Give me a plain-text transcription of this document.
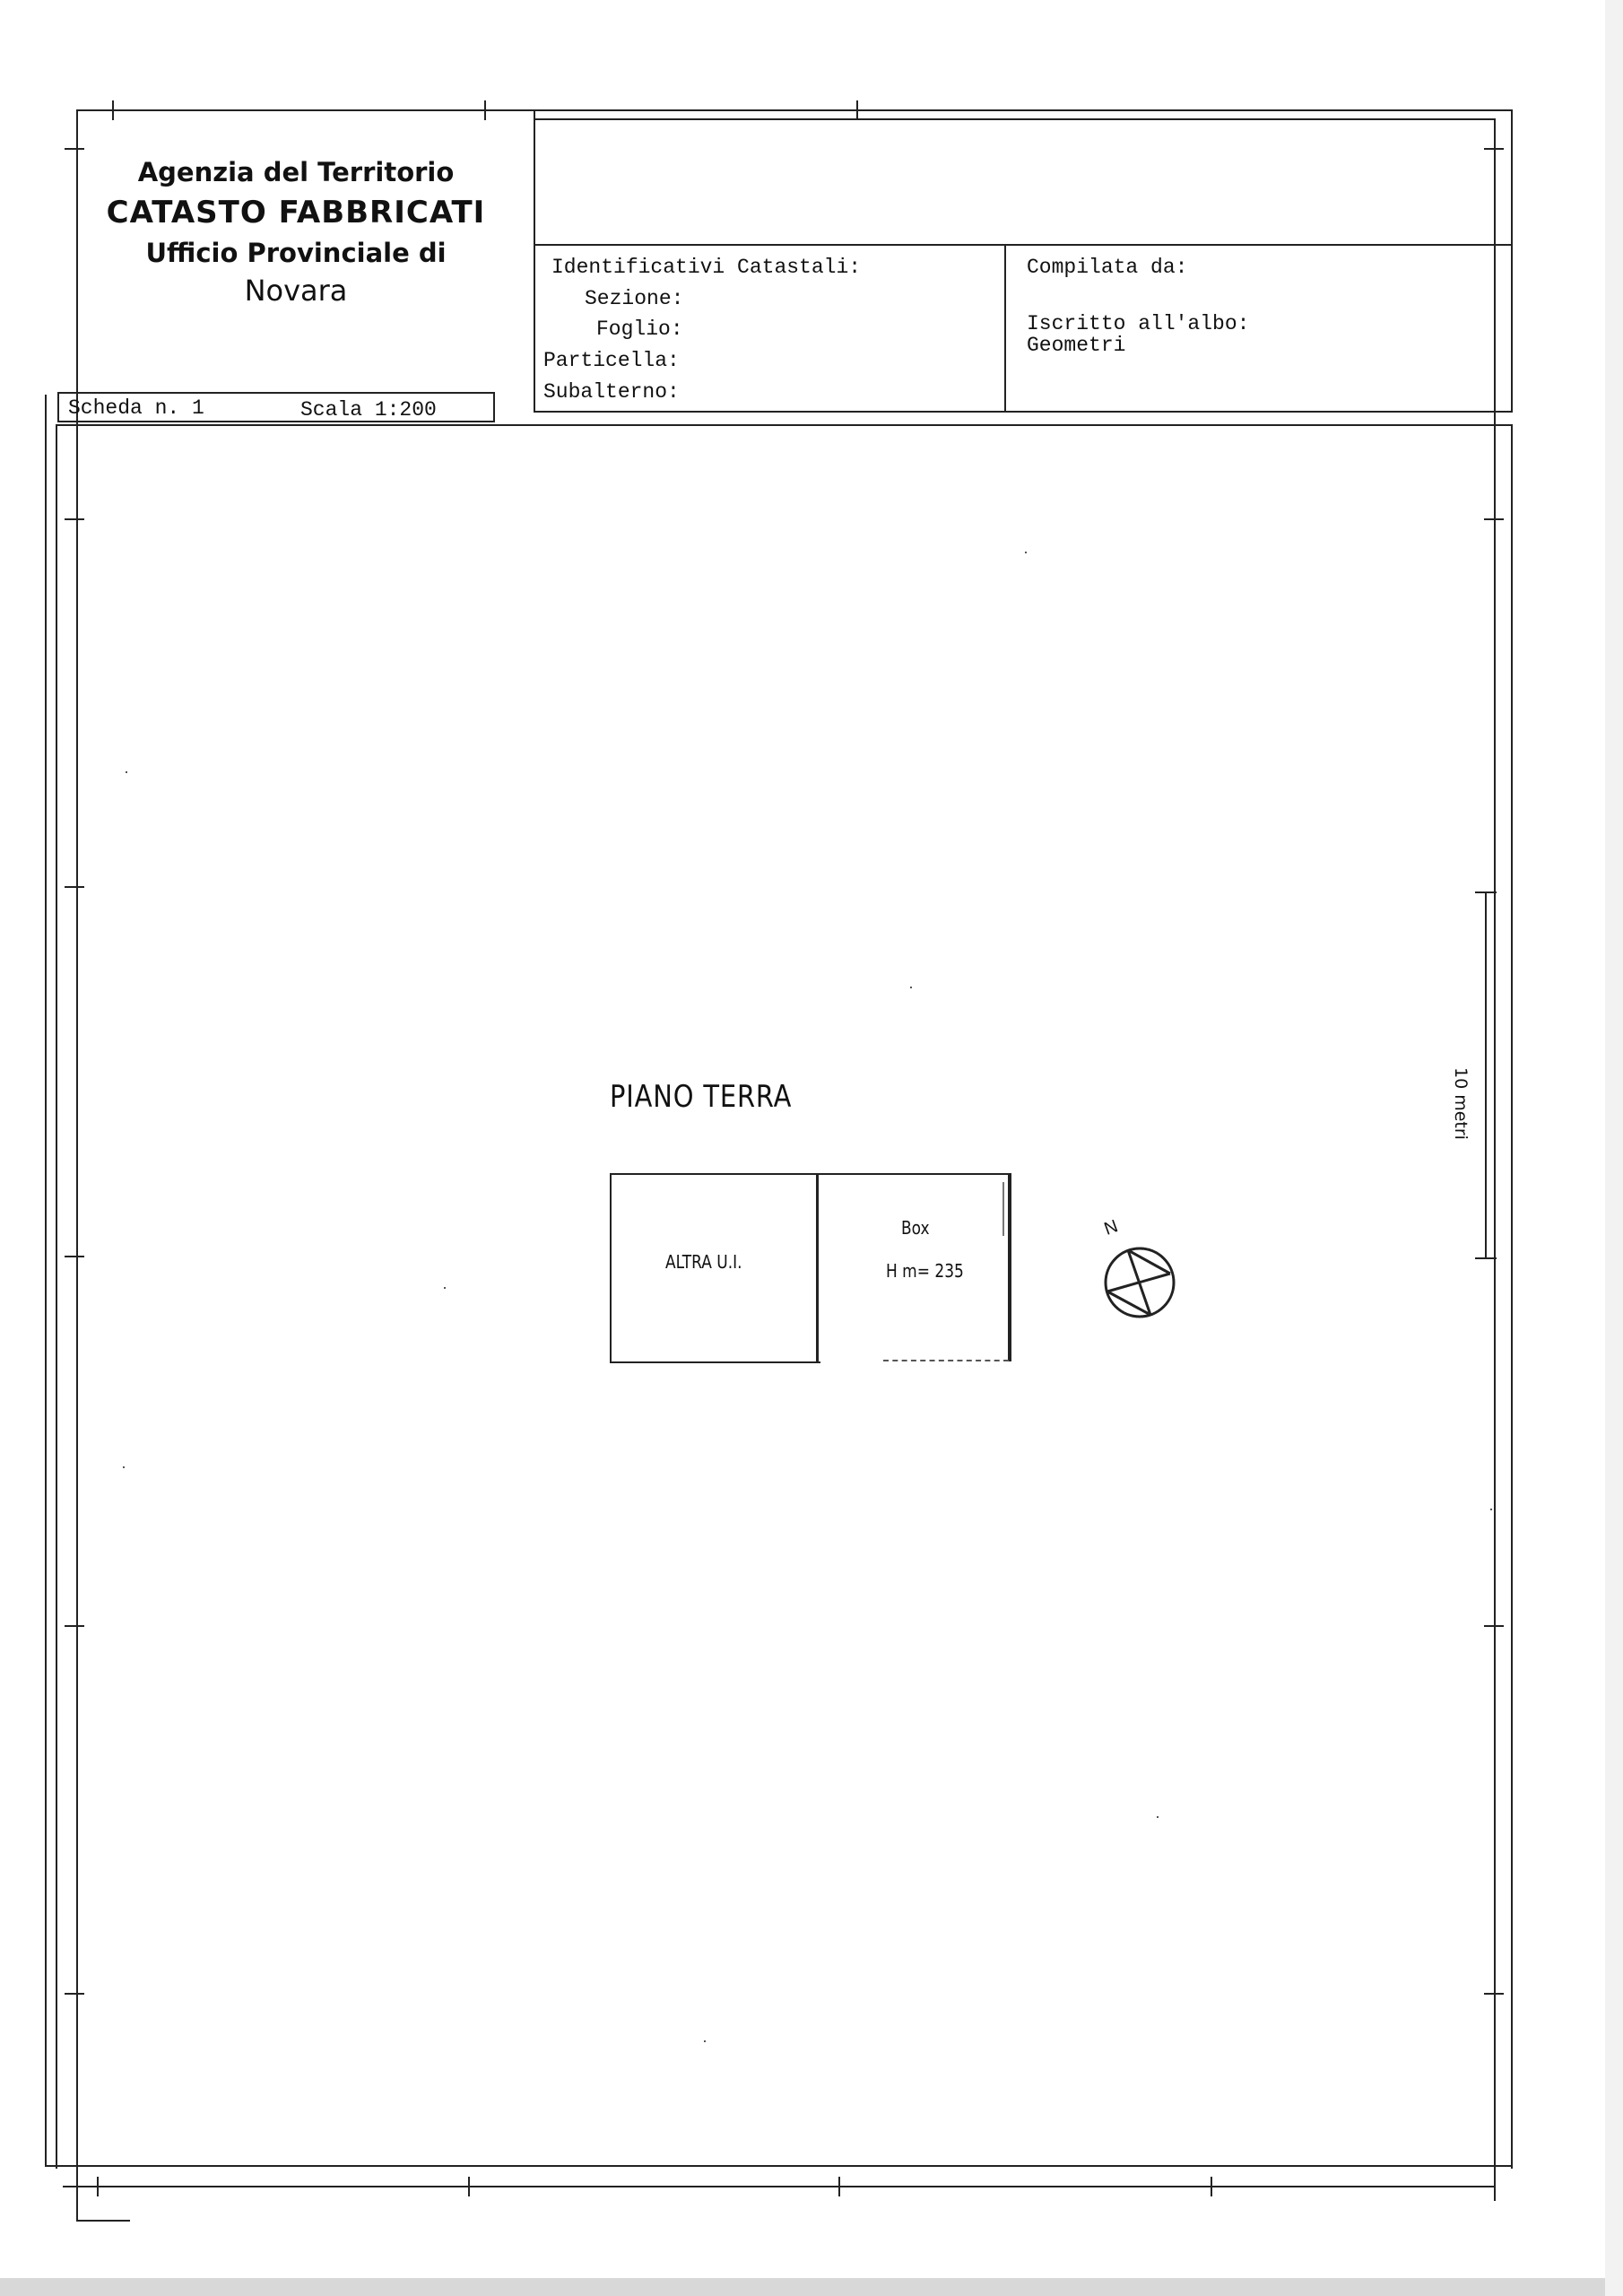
Agenzia del Territorio
CATASTO FABBRICATI
Ufficio Provinciale di
Novara
Scheda n. 1	Scala 1:200
Identificativi Catastali:
Sezione:
Foglio:
Particella:
Subalterno:
Compilata da:
Iscritto all'albo:
Geometri
10 metri
PIANO TERRA
ALTRA U.I.
Box
H m= 235
N
